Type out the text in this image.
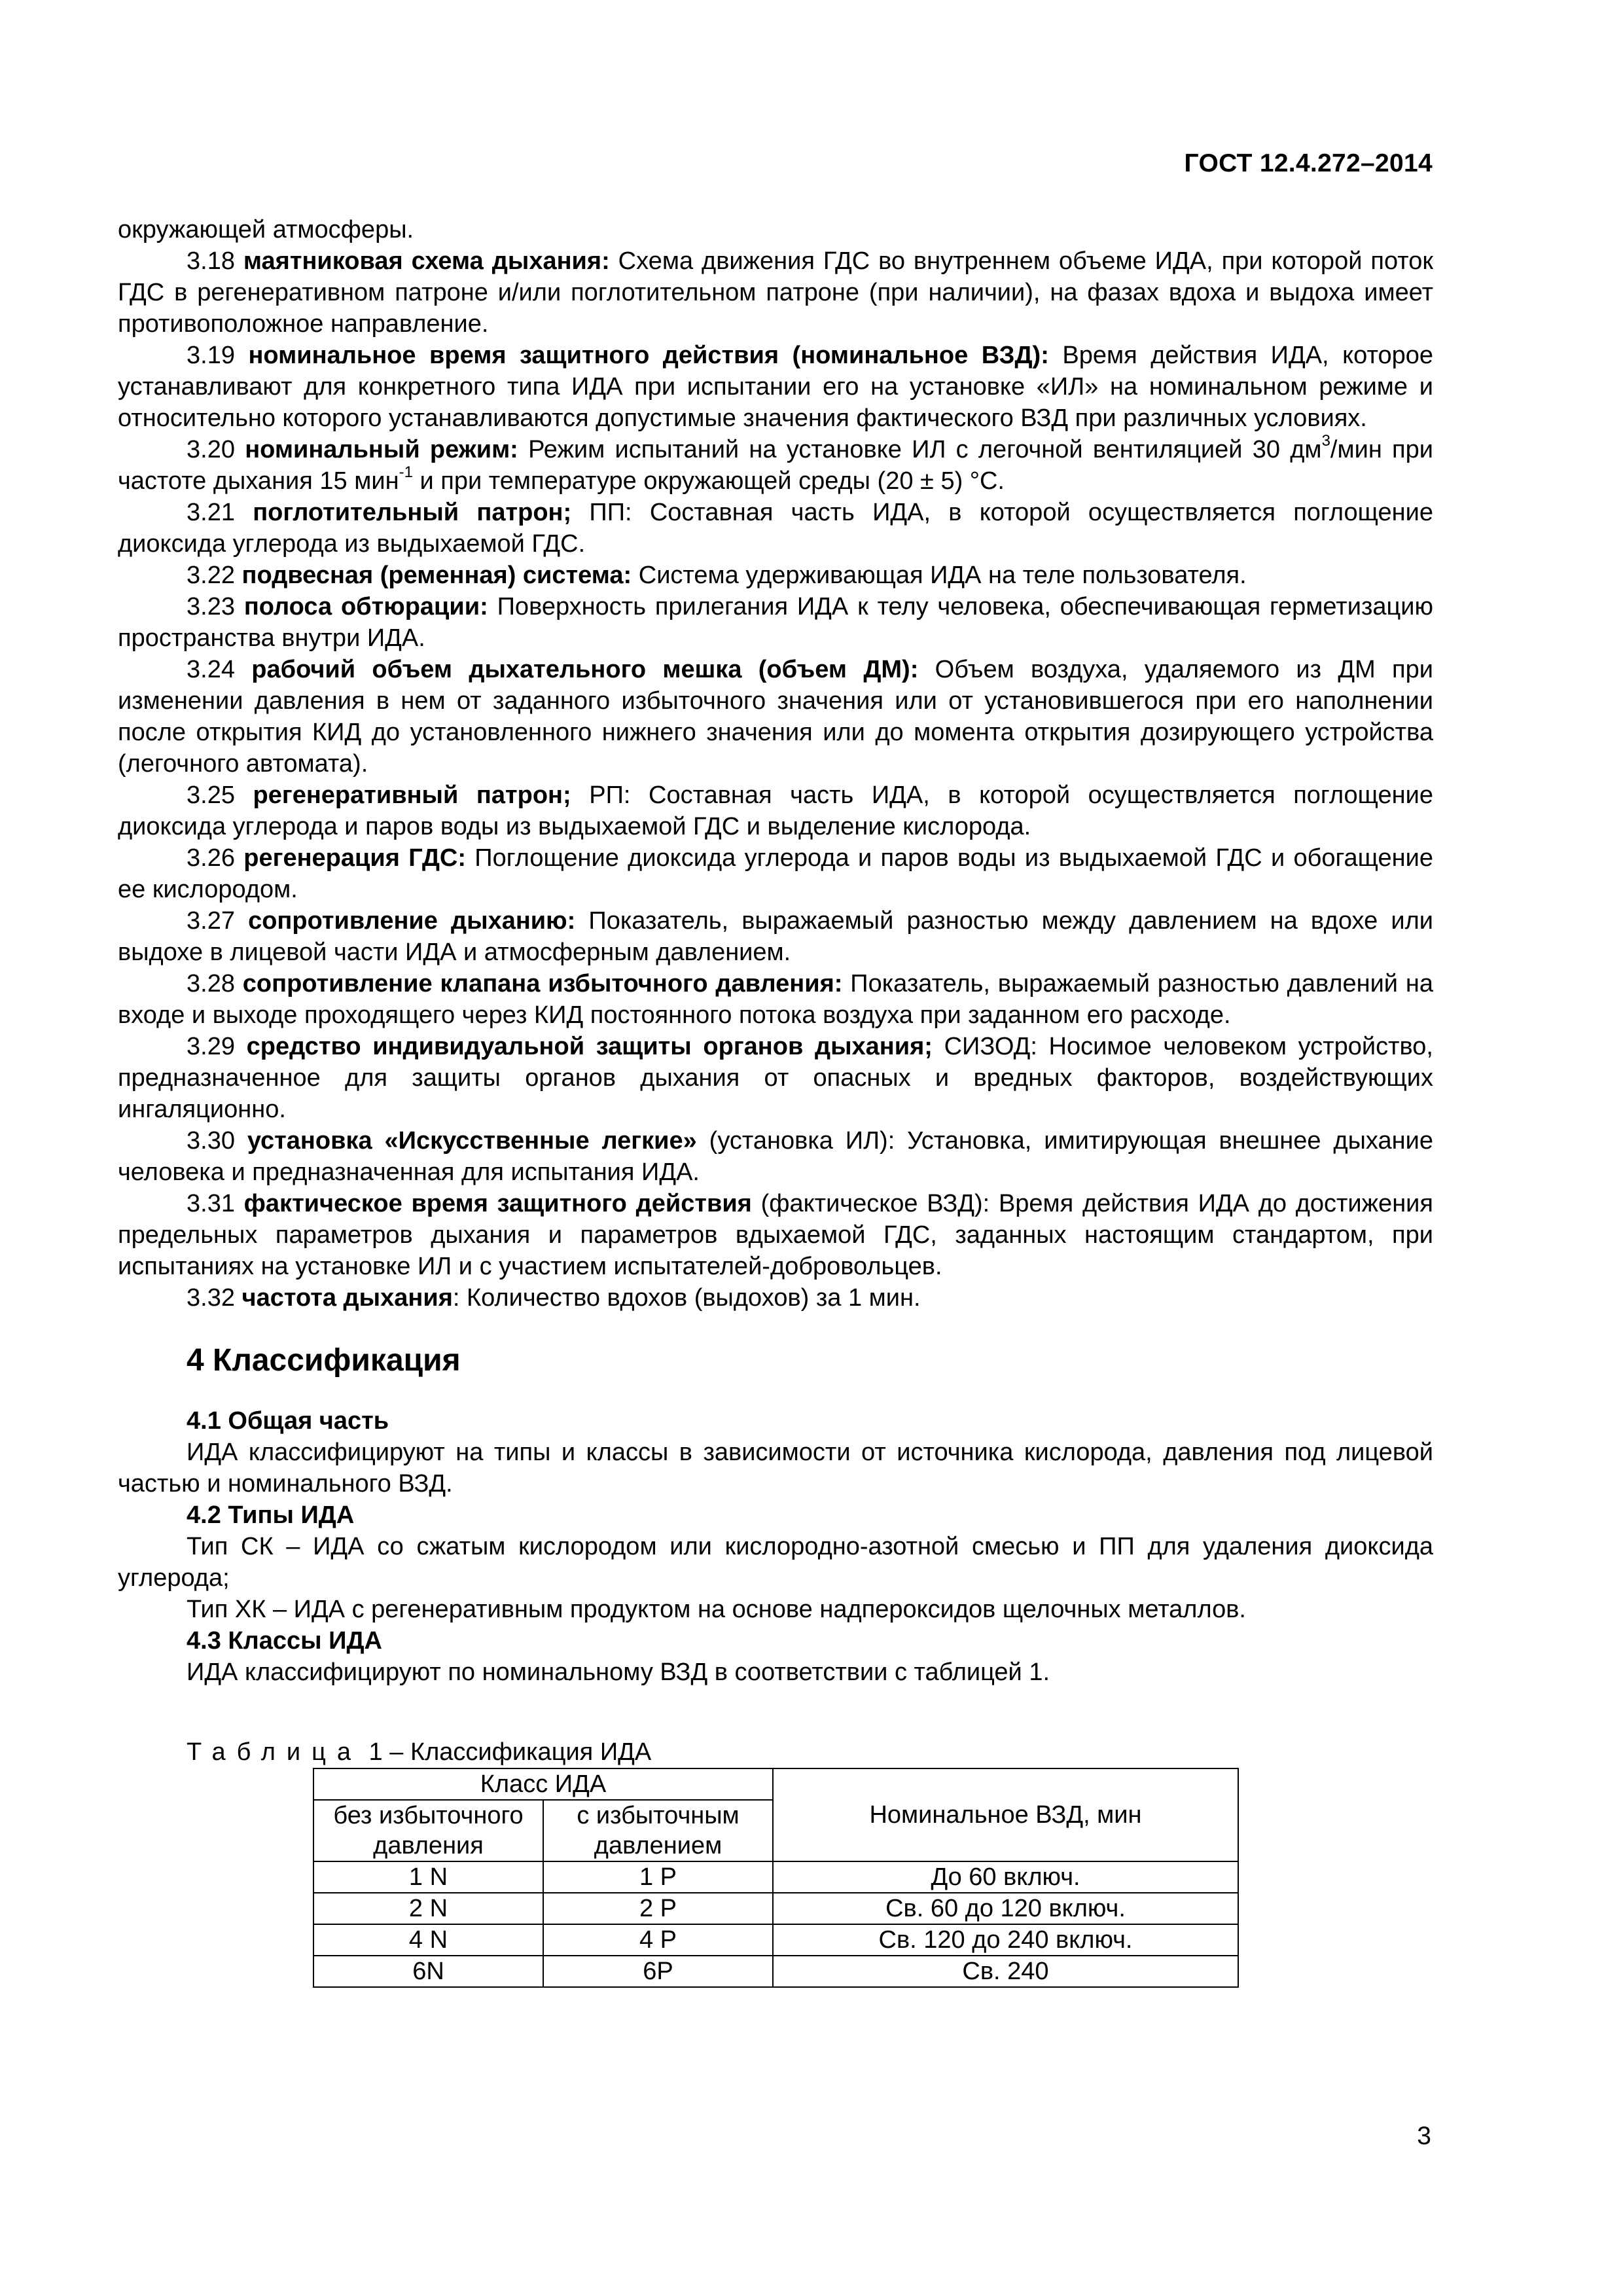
ГОСТ 12.4.272–2014

окружающей атмосферы.

3.18 маятниковая схема дыхания: Схема движения ГДС во внутреннем объеме ИДА, при которой поток ГДС в регенеративном патроне и/или поглотительном патроне (при наличии), на фазах вдоха и выдоха имеет противоположное направление.

3.19 номинальное время защитного действия (номинальное ВЗД): Время действия ИДА, которое устанавливают для конкретного типа ИДА при испытании его на установке «ИЛ» на номинальном режиме и относительно которого устанавливаются допустимые значения фактического ВЗД при различных условиях.

3.20 номинальный режим: Режим испытаний на установке ИЛ с легочной вентиляцией 30 $дм^3$/мин при частоте дыхания 15 мин$^{-1}$ и при температуре окружающей среды (20 ± 5) °С.

3.21 поглотительный патрон; ПП: Составная часть ИДА, в которой осуществляется поглощение диоксида углерода из выдыхаемой ГДС.

3.22 подвесная (ременная) система: Система удерживающая ИДА на теле пользователя.

3.23 полоса обтюрации: Поверхность прилегания ИДА к телу человека, обеспечивающая герметизацию пространства внутри ИДА.

3.24 рабочий объем дыхательного мешка (объем ДМ): Объем воздуха, удаляемого из ДМ при изменении давления в нем от заданного избыточного значения или от установившегося при его наполнении после открытия КИД до установленного нижнего значения или до момента открытия дозирующего устройства (легочного автомата).

3.25 регенеративный патрон; РП: Составная часть ИДА, в которой осуществляется поглощение диоксида углерода и паров воды из выдыхаемой ГДС и выделение кислорода.

3.26 регенерация ГДС: Поглощение диоксида углерода и паров воды из выдыхаемой ГДС и обогащение ее кислородом.

3.27 сопротивление дыханию: Показатель, выражаемый разностью между давлением на вдохе или выдохе в лицевой части ИДА и атмосферным давлением.

3.28 сопротивление клапана избыточного давления: Показатель, выражаемый разностью давлений на входе и выходе проходящего через КИД постоянного потока воздуха при заданном его расходе.

3.29 средство индивидуальной защиты органов дыхания; СИЗОД: Носимое человеком устройство, предназначенное для защиты органов дыхания от опасных и вредных факторов, воздействующих ингаляционно.

3.30 установка «Искусственные легкие» (установка ИЛ): Установка, имитирующая внешнее дыхание человека и предназначенная для испытания ИДА.

3.31 фактическое время защитного действия (фактическое ВЗД): Время действия ИДА до достижения предельных параметров дыхания и параметров вдыхаемой ГДС, заданных настоящим стандартом, при испытаниях на установке ИЛ и с участием испытателей-добровольцев.

3.32 частота дыхания: Количество вдохов (выдохов) за 1 мин.

4 Классификация

4.1 Общая часть

ИДА классифицируют на типы и классы в зависимости от источника кислорода, давления под лицевой частью и номинального ВЗД.

4.2 Типы ИДА

Тип СК – ИДА со сжатым кислородом или кислородно-азотной смесью и ПП для удаления диоксида углерода;

Тип ХК – ИДА с регенеративным продуктом на основе надпероксидов щелочных металлов.

4.3 Классы ИДА

ИДА классифицируют по номинальному ВЗД в соответствии с таблицей 1.

Таблица 1 – Классификация ИДА
Класс ИДА		Номинальное ВЗД, мин
без избыточного давления	с избыточным давлением	
1 N	1 P	До 60 включ.
2 N	2 P	Св. 60 до 120 включ.
4 N	4 P	Св. 120 до 240 включ.
6N	6P	Св. 240
3
